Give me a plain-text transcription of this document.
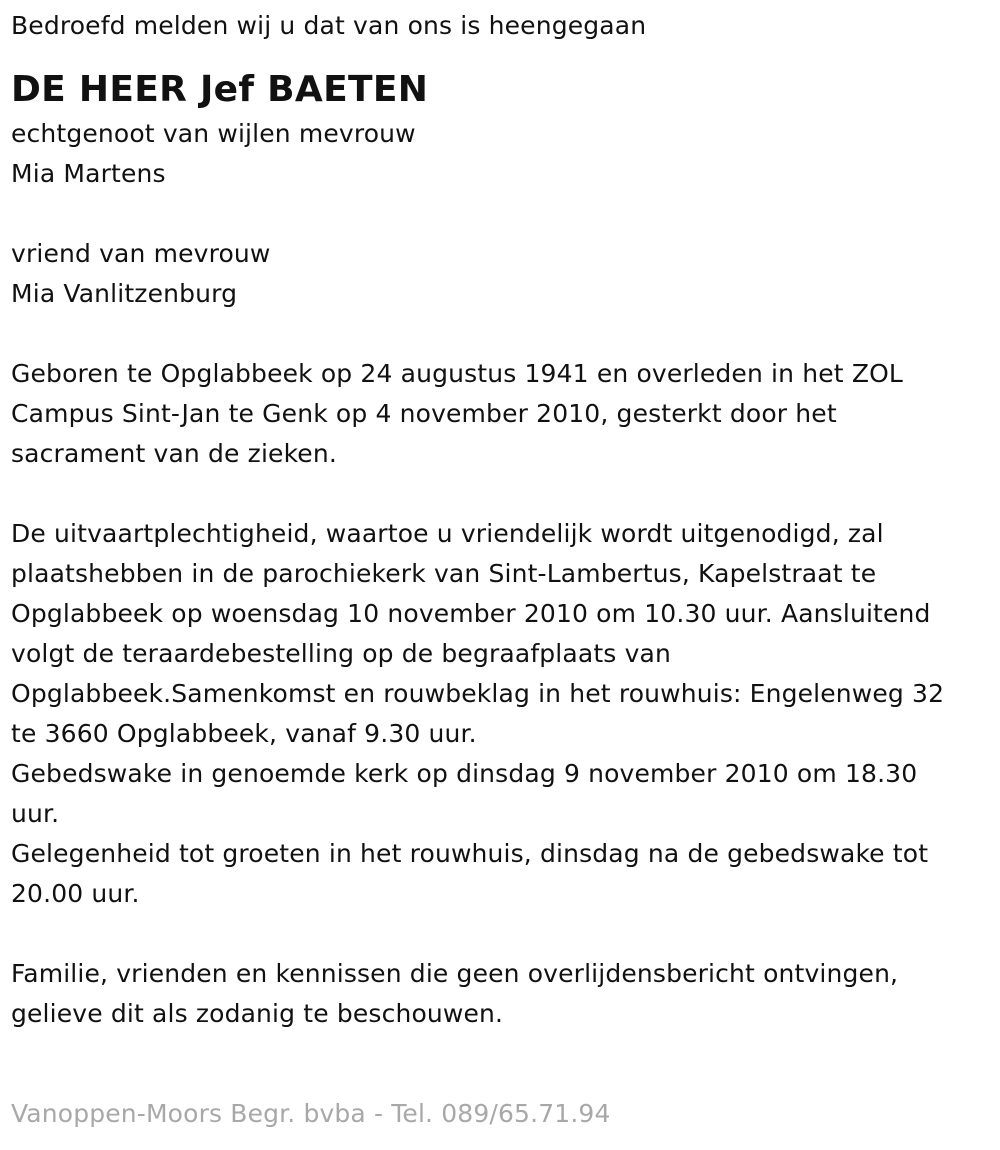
Bedroefd melden wij u dat van ons is heengegaan
DE HEER Jef BAETEN
echtgenoot van wijlen mevrouw
Mia Martens
vriend van mevrouw
Mia Vanlitzenburg
Geboren te Opglabbeek op 24 augustus 1941 en overleden in het ZOL
Campus Sint-Jan te Genk op 4 november 2010, gesterkt door het
sacrament van de zieken.
De uitvaartplechtigheid, waartoe u vriendelijk wordt uitgenodigd, zal
plaatshebben in de parochiekerk van Sint-Lambertus, Kapelstraat te
Opglabbeek op woensdag 10 november 2010 om 10.30 uur. Aansluitend
volgt de teraardebestelling op de begraafplaats van
Opglabbeek.Samenkomst en rouwbeklag in het rouwhuis: Engelenweg 32
te 3660 Opglabbeek, vanaf 9.30 uur.
Gebedswake in genoemde kerk op dinsdag 9 november 2010 om 18.30
uur.
Gelegenheid tot groeten in het rouwhuis, dinsdag na de gebedswake tot
20.00 uur.
Familie, vrienden en kennissen die geen overlijdensbericht ontvingen,
gelieve dit als zodanig te beschouwen.
Vanoppen-Moors Begr. bvba - Tel. 089/65.71.94
